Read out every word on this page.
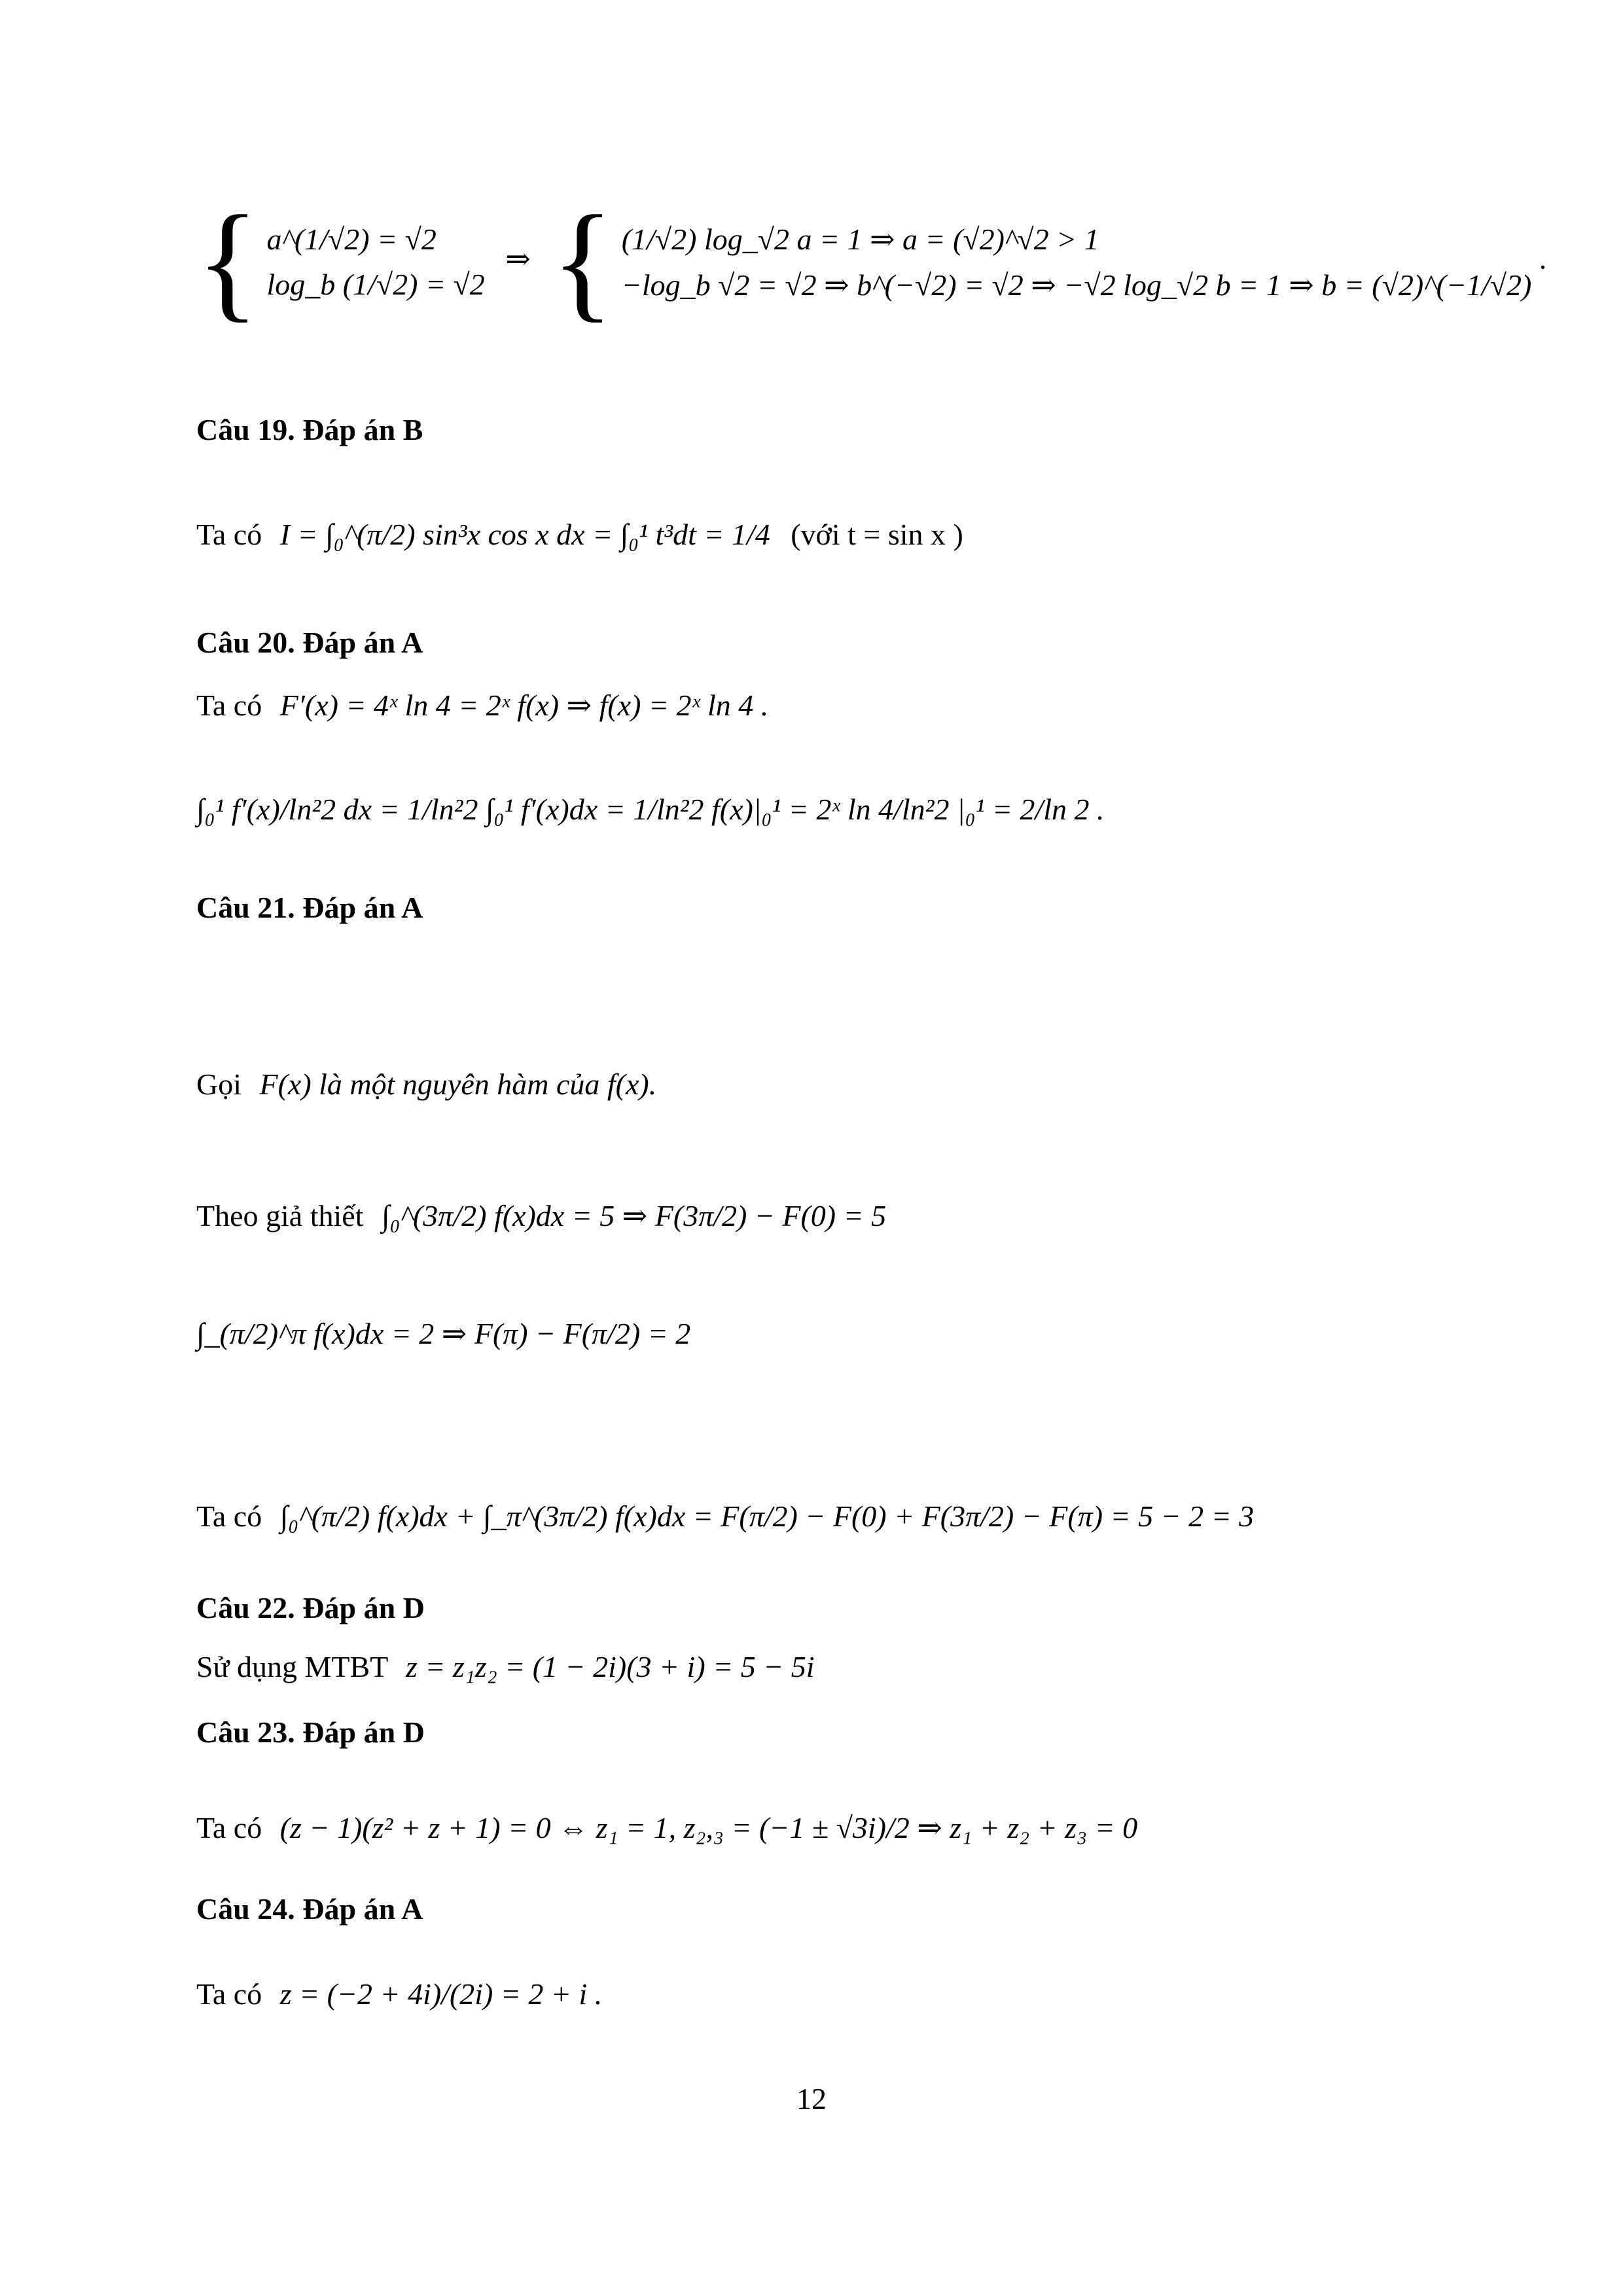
{ a^(1/√2) = √2
log_b (1/√2) = √2
⇒ { (1/√2) log_√2 a = 1 ⇒ a = (√2)^√2 > 1
−log_b √2 = √2 ⇒ b^(−√2) = √2 ⇒ −√2 log_√2 b = 1 ⇒ b = (√2)^(−1/√2)
.
Câu 19. Đáp án B
Ta có I = ∫₀^(π/2) sin³x cos x dx = ∫₀¹ t³dt = 1/4 (với t = sin x )
Câu 20. Đáp án A
Ta có F′(x) = 4ˣ ln 4 = 2ˣ f(x) ⇒ f(x) = 2ˣ ln 4 .
∫₀¹ f′(x)/ln²2 dx = 1/ln²2 ∫₀¹ f′(x)dx = 1/ln²2 f(x)|₀¹ = 2ˣ ln 4/ln²2 |₀¹ = 2/ln 2 .
Câu 21. Đáp án A
Gọi F(x) là một nguyên hàm của f(x).
Theo giả thiết ∫₀^(3π/2) f(x)dx = 5 ⇒ F(3π/2) − F(0) = 5
∫_(π/2)^π f(x)dx = 2 ⇒ F(π) − F(π/2) = 2
Ta có ∫₀^(π/2) f(x)dx + ∫_π^(3π/2) f(x)dx = F(π/2) − F(0) + F(3π/2) − F(π) = 5 − 2 = 3
Câu 22. Đáp án D
Sử dụng MTBT z = z₁z₂ = (1 − 2i)(3 + i) = 5 − 5i
Câu 23. Đáp án D
Ta có (z − 1)(z² + z + 1) = 0 ⇔ z₁ = 1, z₂,₃ = (−1 ± √3i)/2 ⇒ z₁ + z₂ + z₃ = 0
Câu 24. Đáp án A
Ta có z = (−2 + 4i)/(2i) = 2 + i .
12
